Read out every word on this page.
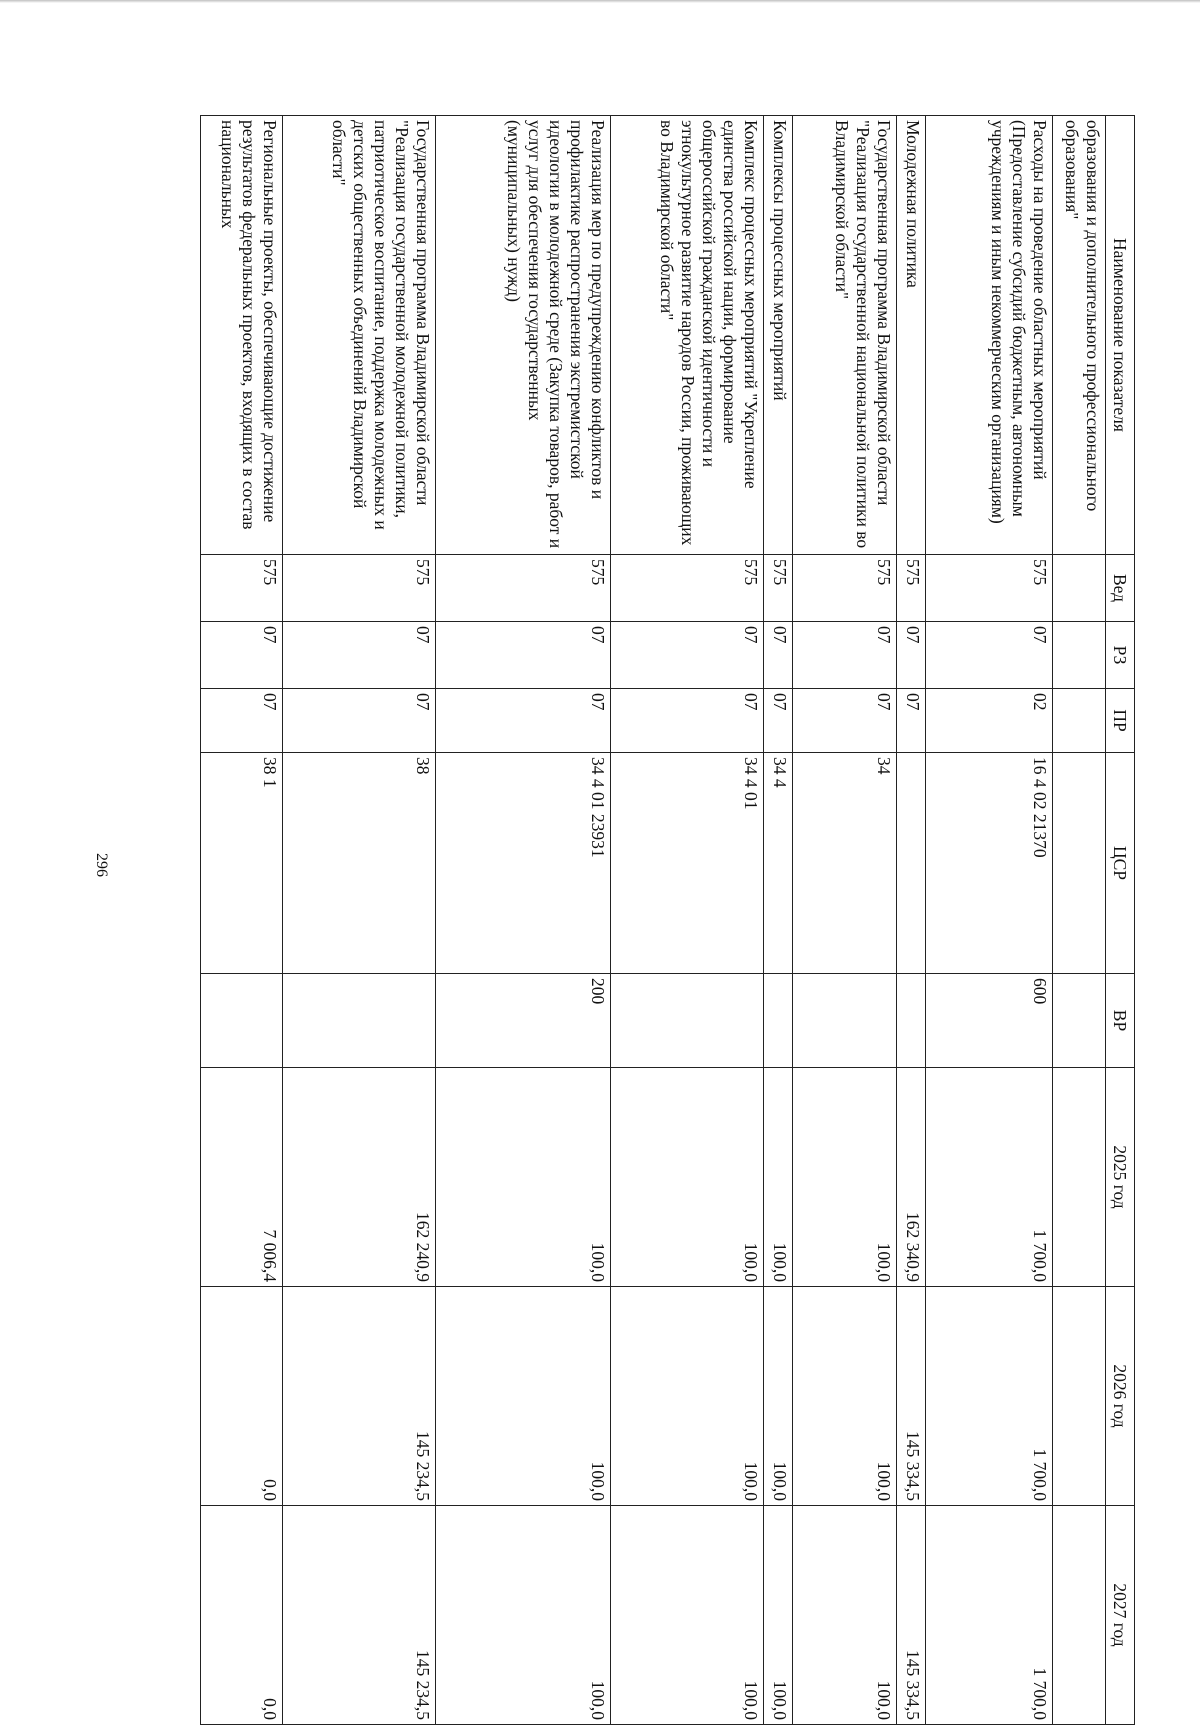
296
Наименование показателя	Вед	РЗ	ПР	ЦСР	ВР	2025 год	2026 год	2027 год
образования и дополнительного профессионального образования"								
Расходы на проведение областных мероприятий (Предоставление субсидий бюджетным, автономным учреждениям и иным некоммерческим организациям)	575	07	02	16 4 02 21370	600	1 700,0	1 700,0	1 700,0
Молодежная политика	575	07	07			162 340,9	145 334,5	145 334,5
Государственная программа Владимирской области "Реализация государственной национальной политики во Владимирской области"	575	07	07	34		100,0	100,0	100,0
Комплексы процессных мероприятий	575	07	07	34 4		100,0	100,0	100,0
Комплекс процессных мероприятий "Укрепление единства российской нации, формирование общероссийской гражданской идентичности и этнокультурное развитие народов России, проживающих во Владимирской области"	575	07	07	34 4 01		100,0	100,0	100,0
Реализация мер по предупреждению конфликтов и профилактике распространения экстремистской идеологии в молодежной среде (Закупка товаров, работ и услуг для обеспечения государственных (муниципальных) нужд)	575	07	07	34 4 01 23931	200	100,0	100,0	100,0
Государственная программа Владимирской области "Реализация государственной молодежной политики, патриотическое воспитание, поддержка молодежных и детских общественных объединений Владимирской области"	575	07	07	38		162 240,9	145 234,5	145 234,5
Региональные проекты, обеспечивающие достижение результатов федеральных проектов, входящих в состав национальных	575	07	07	38 1		7 006,4	0,0	0,0
